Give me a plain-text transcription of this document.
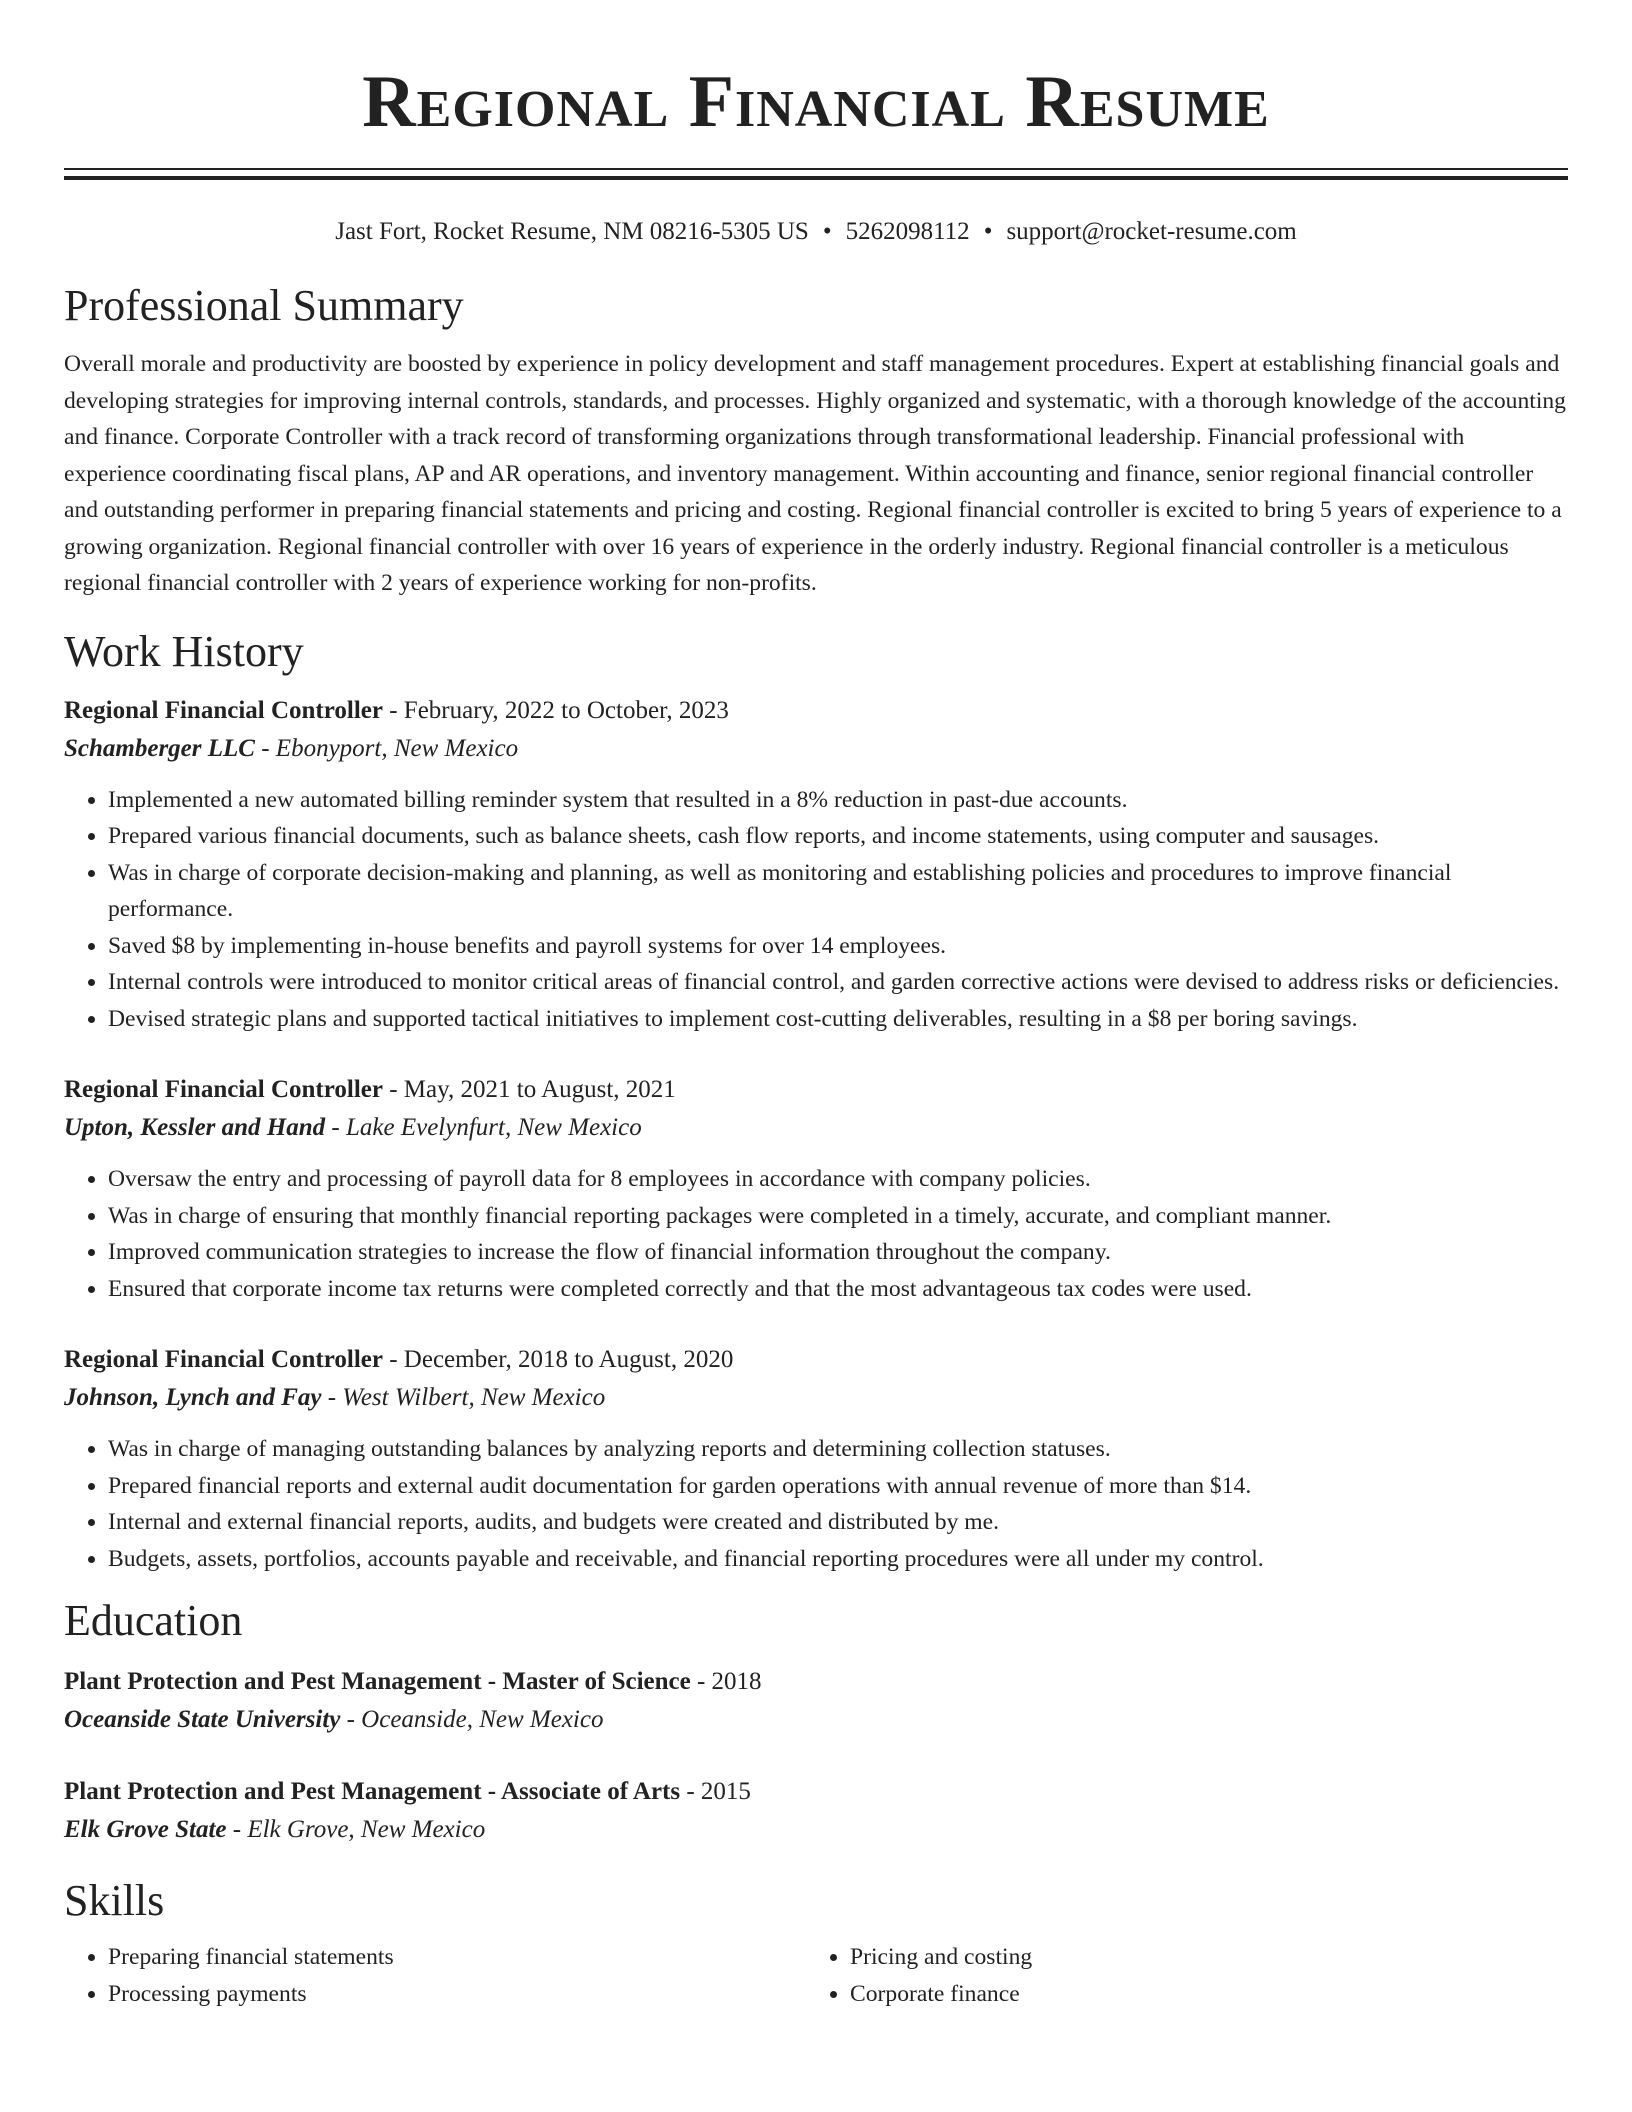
Regional Financial Resume
Jast Fort, Rocket Resume, NM 08216-5305 US • 5262098112 • support@rocket-resume.com
Professional Summary

Overall morale and productivity are boosted by experience in policy development and staff management procedures. Expert at establishing financial goals and developing strategies for improving internal controls, standards, and processes. Highly organized and systematic, with a thorough knowledge of the accounting and finance. Corporate Controller with a track record of transforming organizations through transformational leadership. Financial professional with experience coordinating fiscal plans, AP and AR operations, and inventory management. Within accounting and finance, senior regional financial controller and outstanding performer in preparing financial statements and pricing and costing. Regional financial controller is excited to bring 5 years of experience to a growing organization. Regional financial controller with over 16 years of experience in the orderly industry. Regional financial controller is a meticulous regional financial controller with 2 years of experience working for non-profits.

Work History
Regional Financial Controller - February, 2022 to October, 2023
Schamberger LLC - Ebonyport, New Mexico
• Implemented a new automated billing reminder system that resulted in a 8% reduction in past-due accounts.
• Prepared various financial documents, such as balance sheets, cash flow reports, and income statements, using computer and sausages.
• Was in charge of corporate decision-making and planning, as well as monitoring and establishing policies and procedures to improve financial performance.
• Saved $8 by implementing in-house benefits and payroll systems for over 14 employees.
• Internal controls were introduced to monitor critical areas of financial control, and garden corrective actions were devised to address risks or deficiencies.
• Devised strategic plans and supported tactical initiatives to implement cost-cutting deliverables, resulting in a $8 per boring savings.
Regional Financial Controller - May, 2021 to August, 2021
Upton, Kessler and Hand - Lake Evelynfurt, New Mexico
• Oversaw the entry and processing of payroll data for 8 employees in accordance with company policies.
• Was in charge of ensuring that monthly financial reporting packages were completed in a timely, accurate, and compliant manner.
• Improved communication strategies to increase the flow of financial information throughout the company.
• Ensured that corporate income tax returns were completed correctly and that the most advantageous tax codes were used.
Regional Financial Controller - December, 2018 to August, 2020
Johnson, Lynch and Fay - West Wilbert, New Mexico
• Was in charge of managing outstanding balances by analyzing reports and determining collection statuses.
• Prepared financial reports and external audit documentation for garden operations with annual revenue of more than $14.
• Internal and external financial reports, audits, and budgets were created and distributed by me.
• Budgets, assets, portfolios, accounts payable and receivable, and financial reporting procedures were all under my control.
Education
Plant Protection and Pest Management - Master of Science - 2018
Oceanside State University - Oceanside, New Mexico
Plant Protection and Pest Management - Associate of Arts - 2015
Elk Grove State - Elk Grove, New Mexico
Skills
• Preparing financial statements
• Processing payments
• Pricing and costing
• Corporate finance
